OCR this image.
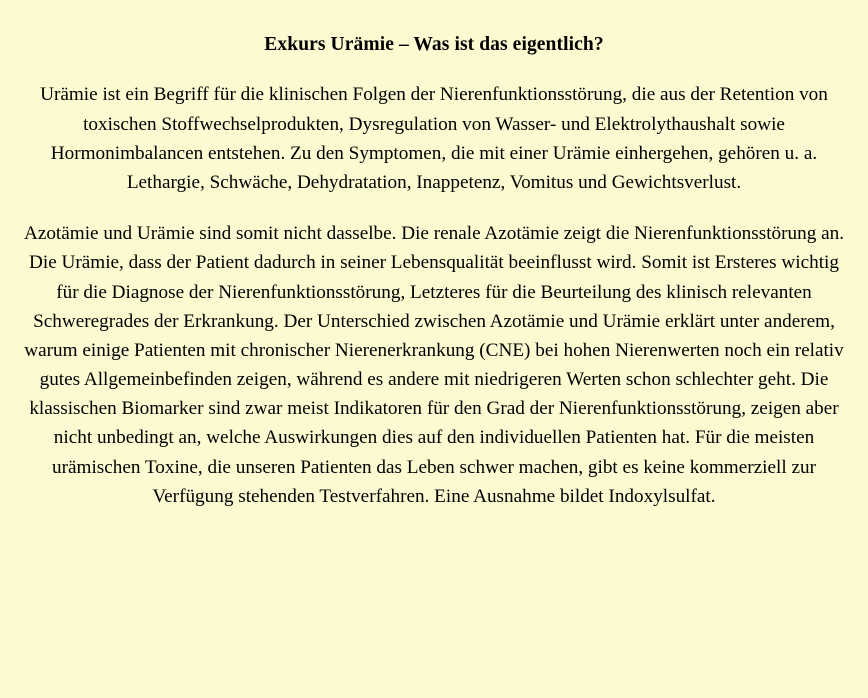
Exkurs Urämie – Was ist das eigentlich?

Urämie ist ein Begriff für die klinischen Folgen der Nierenfunktionsstörung, die aus der Retention von toxischen Stoffwechselprodukten, Dysregulation von Wasser- und Elektrolythaushalt sowie Hormonimbalancen entstehen. Zu den Symptomen, die mit einer Urämie einhergehen, gehören u. a. Lethargie, Schwäche, Dehydratation, Inappetenz, Vomitus und Gewichtsverlust.

Azotämie und Urämie sind somit nicht dasselbe. Die renale Azotämie zeigt die Nierenfunktionsstörung an. Die Urämie, dass der Patient dadurch in seiner Lebensqualität beeinflusst wird. Somit ist Ersteres wichtig für die Diagnose der Nierenfunktionsstörung, Letzteres für die Beurteilung des klinisch relevanten Schweregrades der Erkrankung. Der Unterschied zwischen Azotämie und Urämie erklärt unter anderem, warum einige Patienten mit chronischer Nierenerkrankung (CNE) bei hohen Nierenwerten noch ein relativ gutes Allgemeinbefinden zeigen, während es andere mit niedrigeren Werten schon schlechter geht. Die klassischen Biomarker sind zwar meist Indikatoren für den Grad der Nierenfunktionsstörung, zeigen aber nicht unbedingt an, welche Auswirkungen dies auf den individuellen Patienten hat. Für die meisten urämischen Toxine, die unseren Patienten das Leben schwer machen, gibt es keine kommerziell zur Verfügung stehenden Testverfahren. Eine Ausnahme bildet Indoxylsulfat.
